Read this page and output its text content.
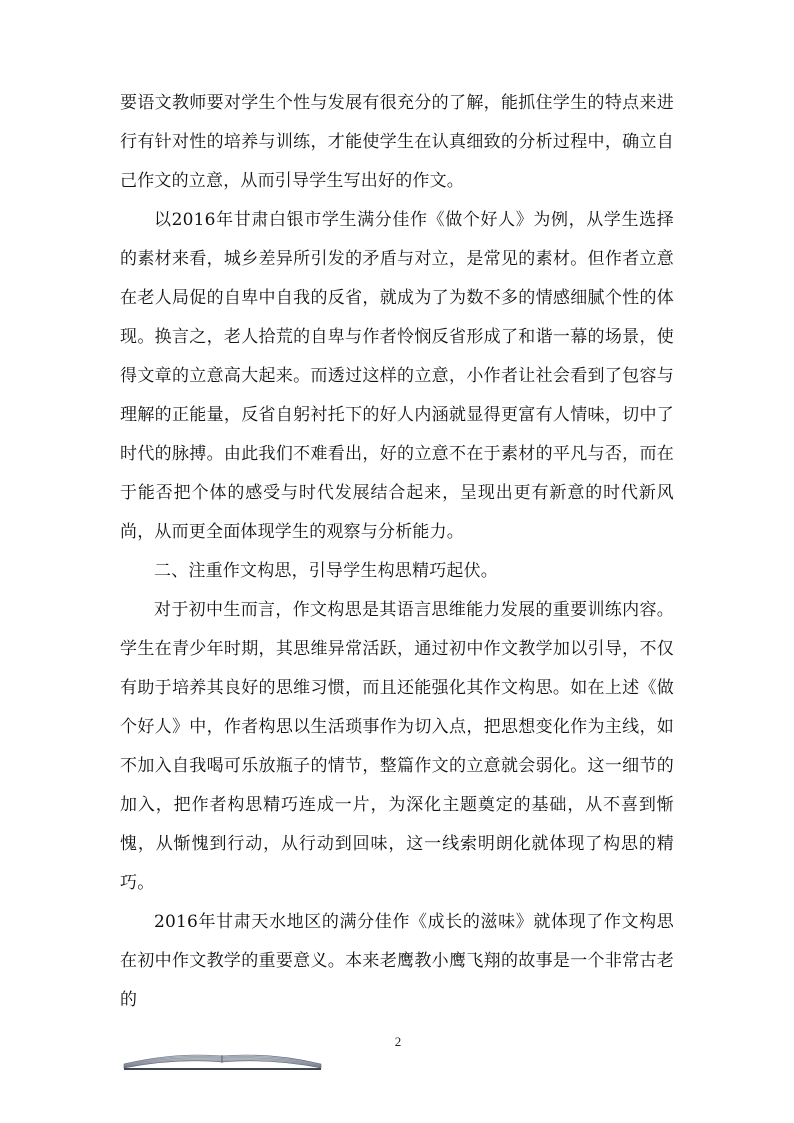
要语文教师要对学生个性与发展有很充分的了解，能抓住学生的特点来进行有针对性的培养与训练，才能使学生在认真细致的分析过程中，确立自己作文的立意，从而引导学生写出好的作文。

以2016年甘肃白银市学生满分佳作《做个好人》为例，从学生选择的素材来看，城乡差异所引发的矛盾与对立，是常见的素材。但作者立意在老人局促的自卑中自我的反省，就成为了为数不多的情感细腻个性的体现。换言之，老人拾荒的自卑与作者怜悯反省形成了和谐一幕的场景，使得文章的立意高大起来。而透过这样的立意，小作者让社会看到了包容与理解的正能量，反省自躬衬托下的好人内涵就显得更富有人情味，切中了时代的脉搏。由此我们不难看出，好的立意不在于素材的平凡与否，而在于能否把个体的感受与时代发展结合起来，呈现出更有新意的时代新风尚，从而更全面体现学生的观察与分析能力。

二、注重作文构思，引导学生构思精巧起伏。

对于初中生而言，作文构思是其语言思维能力发展的重要训练内容。学生在青少年时期，其思维异常活跃，通过初中作文教学加以引导，不仅有助于培养其良好的思维习惯，而且还能强化其作文构思。如在上述《做个好人》中，作者构思以生活琐事作为切入点，把思想变化作为主线，如不加入自我喝可乐放瓶子的情节，整篇作文的立意就会弱化。这一细节的加入，把作者构思精巧连成一片，为深化主题奠定的基础，从不喜到惭愧，从惭愧到行动，从行动到回味，这一线索明朗化就体现了构思的精巧。

2016年甘肃天水地区的满分佳作《成长的滋味》就体现了作文构思在初中作文教学的重要意义。本来老鹰教小鹰飞翔的故事是一个非常古老的

2
